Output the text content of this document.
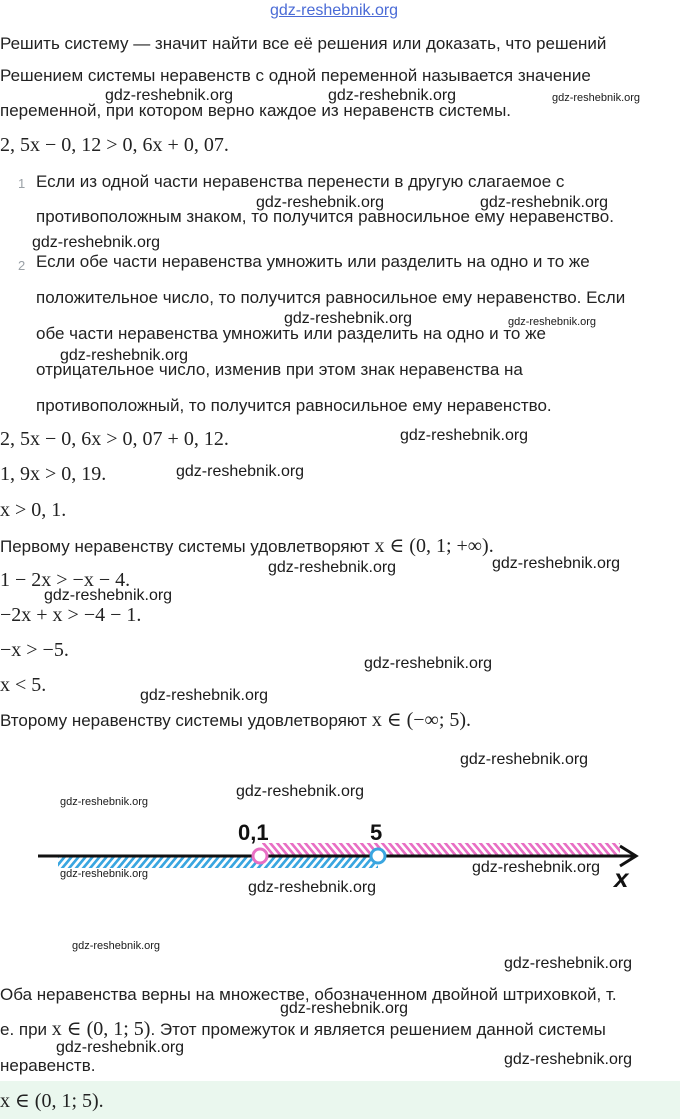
gdz-reshebnik.org
Решить систему — значит найти все её решения или доказать, что решений
Решением системы неравенств с одной переменной называется значение
переменной, при котором верно каждое из неравенств системы.
gdz-reshebnik.org	gdz-reshebnik.org	gdz-reshebnik.org
2, 5x − 0, 12 > 0, 6x + 0, 07.
1 Если из одной части неравенства перенести в другую слагаемое с
противоположным знаком, то получится равносильное ему неравенство.
gdz-reshebnik.org	gdz-reshebnik.org
gdz-reshebnik.org
2 Если обе части неравенства умножить или разделить на одно и то же
положительное число, то получится равносильное ему неравенство. Если
обе части неравенства умножить или разделить на одно и то же
отрицательное число, изменив при этом знак неравенства на
противоположный, то получится равносильное ему неравенство.
gdz-reshebnik.org	gdz-reshebnik.org
gdz-reshebnik.org
2, 5x − 0, 6x > 0, 07 + 0, 12.	gdz-reshebnik.org
1, 9x > 0, 19.	gdz-reshebnik.org
x > 0, 1.
Первому неравенству системы удовлетворяют x ∈ (0, 1; +∞).
1 − 2x > −x − 4.
gdz-reshebnik.org	gdz-reshebnik.org
gdz-reshebnik.org
−2x + x > −4 − 1.
−x > −5.
gdz-reshebnik.org
x < 5.	gdz-reshebnik.org
Второму неравенству системы удовлетворяют x ∈ (−∞; 5).
gdz-reshebnik.org
gdz-reshebnik.org
gdz-reshebnik.org
0,1	5
x
gdz-reshebnik.org
gdz-reshebnik.org
gdz-reshebnik.org
gdz-reshebnik.org
gdz-reshebnik.org
Оба неравенства верны на множестве, обозначенном двойной штриховкой, т.
е. при x ∈ (0, 1; 5). Этот промежуток и является решением данной системы
gdz-reshebnik.org
gdz-reshebnik.org
неравенств.	gdz-reshebnik.org
x ∈ (0, 1; 5).
